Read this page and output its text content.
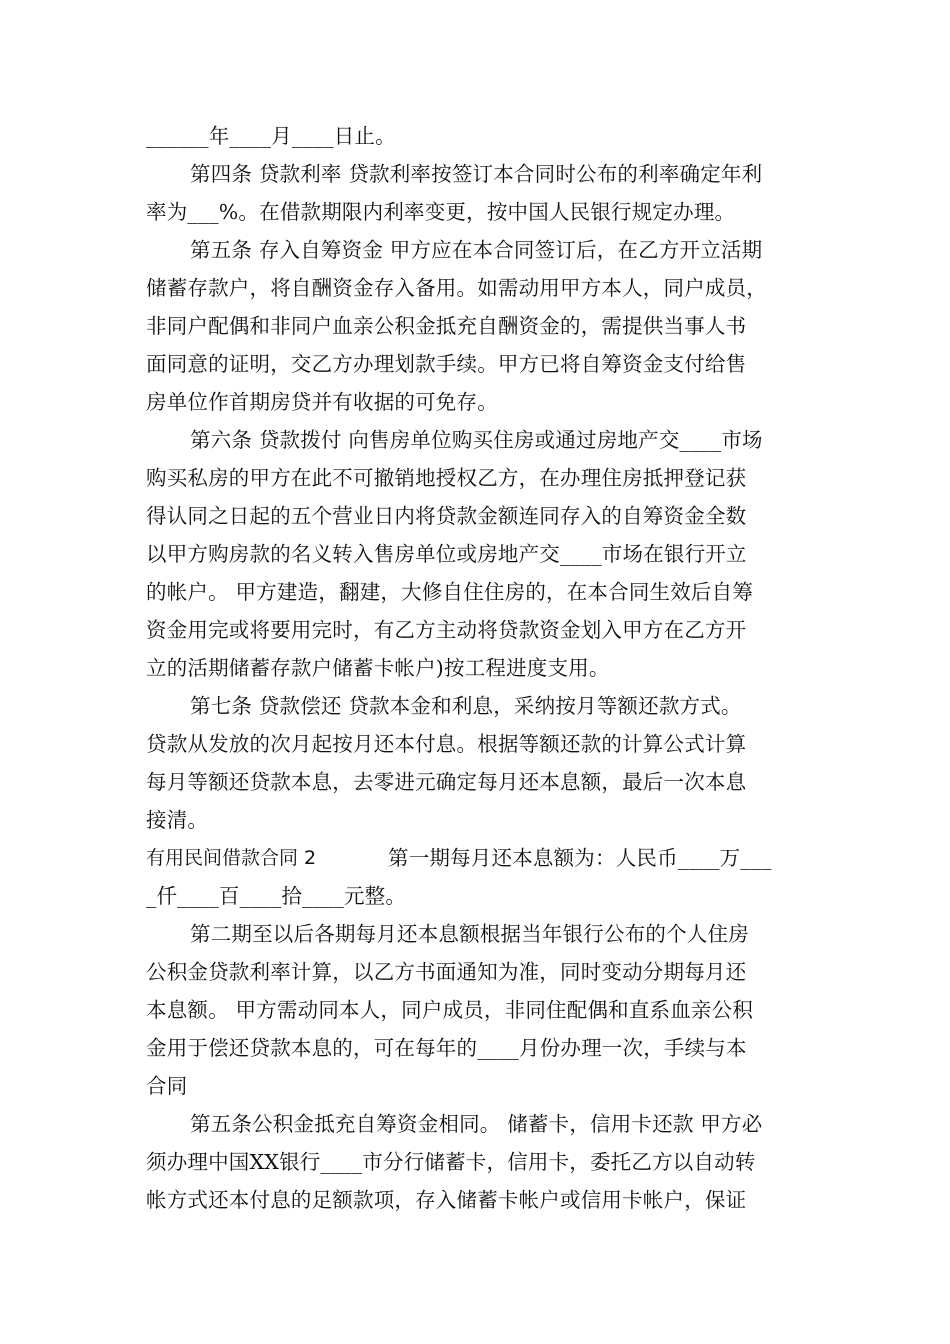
______年____月____日止。
第四条 贷款利率 贷款利率按签订本合同时公布的利率确定年利
率为___%。在借款期限内利率变更，按中国人民银行规定办理。
第五条 存入自筹资金 甲方应在本合同签订后，在乙方开立活期
储蓄存款户，将自酬资金存入备用。如需动用甲方本人，同户成员，
非同户配偶和非同户血亲公积金抵充自酬资金的，需提供当事人书
面同意的证明，交乙方办理划款手续。甲方已将自筹资金支付给售
房单位作首期房贷并有收据的可免存。
第六条 贷款拨付 向售房单位购买住房或通过房地产交____市场
购买私房的甲方在此不可撤销地授权乙方，在办理住房抵押登记获
得认同之日起的五个营业日内将贷款金额连同存入的自筹资金全数
以甲方购房款的名义转入售房单位或房地产交____市场在银行开立
的帐户。 甲方建造，翻建，大修自住住房的，在本合同生效后自筹
资金用完或将要用完时，有乙方主动将贷款资金划入甲方在乙方开
立的活期储蓄存款户储蓄卡帐户)按工程进度支用。
第七条 贷款偿还 贷款本金和利息，采纳按月等额还款方式。
贷款从发放的次月起按月还本付息。根据等额还款的计算公式计算
每月等额还贷款本息，去零进元确定每月还本息额，最后一次本息
接清。
有用民间借款合同 2	第一期每月还本息额为：人民币____万___
_仟____百____拾____元整。
第二期至以后各期每月还本息额根据当年银行公布的个人住房
公积金贷款利率计算，以乙方书面通知为准，同时变动分期每月还
本息额。 甲方需动同本人，同户成员，非同住配偶和直系血亲公积
金用于偿还贷款本息的，可在每年的____月份办理一次，手续与本
合同
第五条公积金抵充自筹资金相同。 储蓄卡，信用卡还款 甲方必
须办理中国XX银行____市分行储蓄卡，信用卡，委托乙方以自动转
帐方式还本付息的足额款项，存入储蓄卡帐户或信用卡帐户，保证
